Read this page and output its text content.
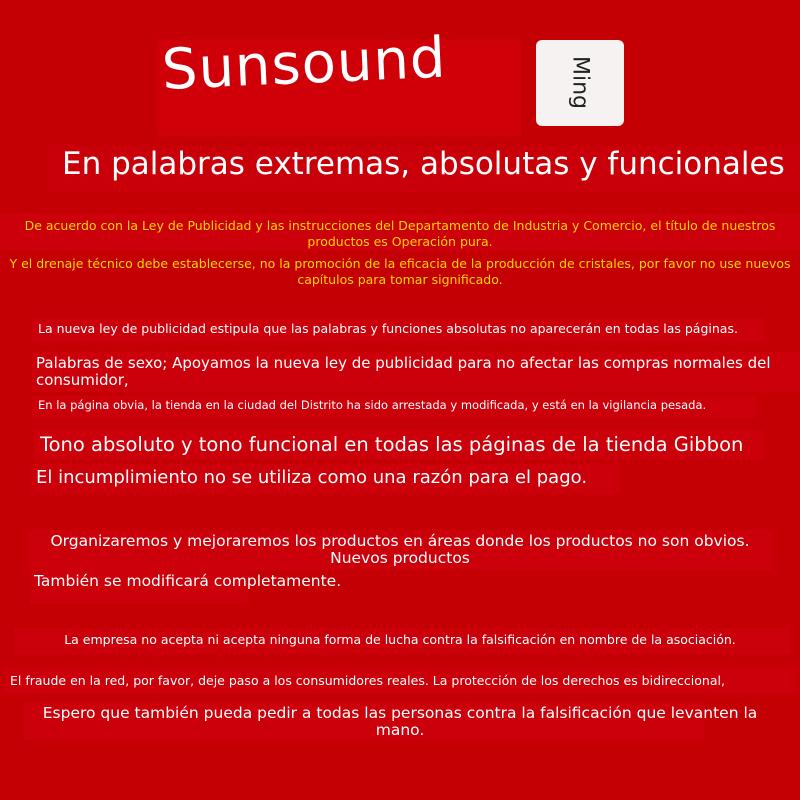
Sunsound	Ming
En palabras extremas, absolutas y funcionales
De acuerdo con la Ley de Publicidad y las instrucciones del Departamento de Industria y Comercio, el título de nuestros productos es Operación pura.
Y el drenaje técnico debe establecerse, no la promoción de la eficacia de la producción de cristales, por favor no use nuevos capítulos para tomar significado.
La nueva ley de publicidad estipula que las palabras y funciones absolutas no aparecerán en todas las páginas.
Palabras de sexo; Apoyamos la nueva ley de publicidad para no afectar las compras normales del consumidor,
En la página obvia, la tienda en la ciudad del Distrito ha sido arrestada y modificada, y está en la vigilancia pesada.
Tono absoluto y tono funcional en todas las páginas de la tienda Gibbon
El incumplimiento no se utiliza como una razón para el pago.
Organizaremos y mejoraremos los productos en áreas donde los productos no son obvios.
Nuevos productos
También se modificará completamente.
La empresa no acepta ni acepta ninguna forma de lucha contra la falsificación en nombre de la asociación.
El fraude en la red, por favor, deje paso a los consumidores reales. La protección de los derechos es bidireccional,
Espero que también pueda pedir a todas las personas contra la falsificación que levanten la mano.
